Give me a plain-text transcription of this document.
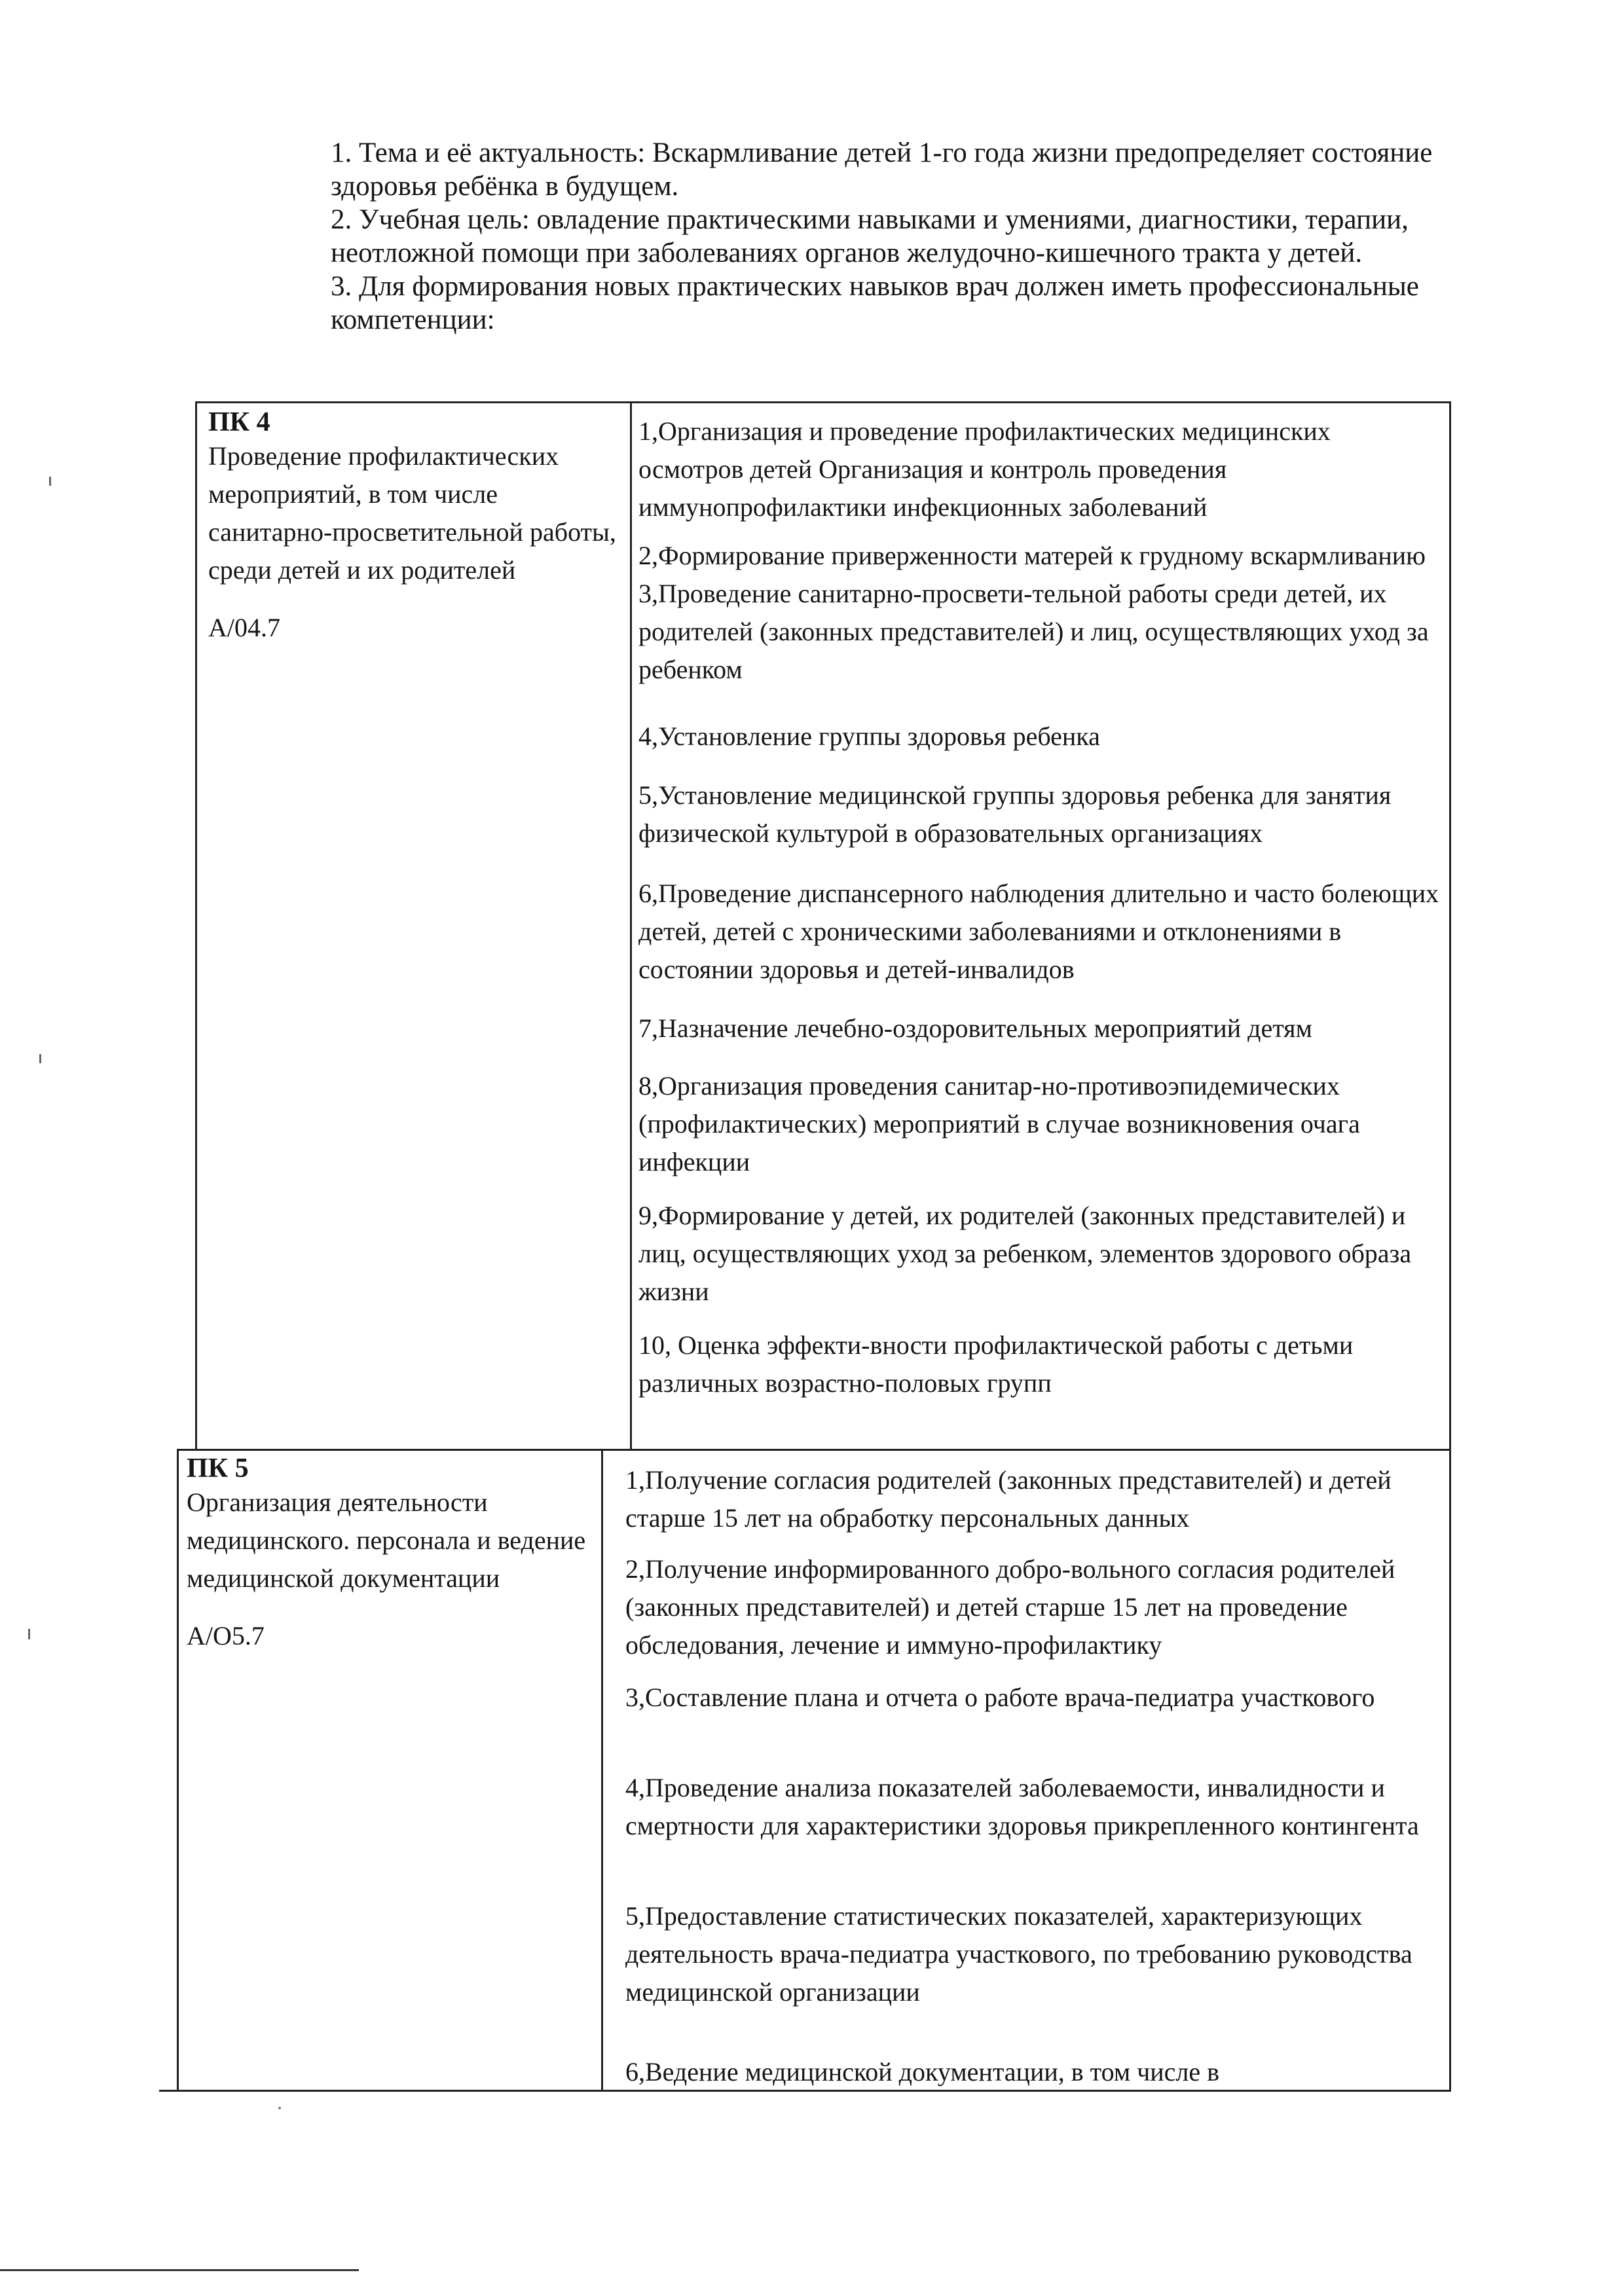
1. Тема и её актуальность: Вскармливание детей 1-го года жизни предопределяет состояние здоровья ребёнка в будущем.

2. Учебная цель: овладение практическими навыками и умениями, диагностики, терапии, неотложной помощи при заболеваниях органов желудочно-кишечного тракта у детей.

3. Для формирования новых практических навыков врач должен иметь профессиональные компетенции:

ПК 4
Проведение профилактических мероприятий, в том числе санитарно-просветительной работы, среди детей и их родителей
А/04.7
1,Организация и проведение профилактических медицинских осмотров детей Организация и контроль проведения иммунопрофилактики инфекционных заболеваний
2,Формирование приверженности матерей к грудному вскармливанию 3,Проведение санитарно-просвети-тельной работы среди детей, их родителей (законных представителей) и лиц, осуществляющих уход за ребенком
4,Установление группы здоровья ребенка
5,Установление медицинской группы здоровья ребенка для занятия физической культурой в образовательных организациях
6,Проведение диспансерного наблюдения длительно и часто болеющих детей, детей с хроническими заболеваниями и отклонениями в состоянии здоровья и детей-инвалидов
7,Назначение лечебно-оздоровительных мероприятий детям
8,Организация проведения санитар-но-противоэпидемических (профилактических) мероприятий в случае возникновения очага инфекции
9,Формирование у детей, их родителей (законных представителей) и лиц, осуществляющих уход за ребенком, элементов здорового образа жизни
10, Оценка эффекти-вности профилактической работы с детьми различных возрастно-половых групп
ПК 5
Организация деятельности медицинского. персонала и ведение медицинской документации
А/О5.7
1,Получение согласия родителей (законных представителей) и детей старше 15 лет на обработку персональных данных
2,Получение информированного добро-вольного согласия родителей (законных представителей) и детей старше 15 лет на проведение обследования, лечение и иммуно-профилактику
3,Составление плана и отчета о работе врача-педиатра участкового
4,Проведение анализа показателей заболеваемости, инвалидности и смертности для характеристики здоровья прикрепленного контингента
5,Предоставление статистических показателей, характеризующих деятельность врача-педиатра участкового, по требованию руководства медицинской организации
6,Ведение медицинской документации, в том числе в
